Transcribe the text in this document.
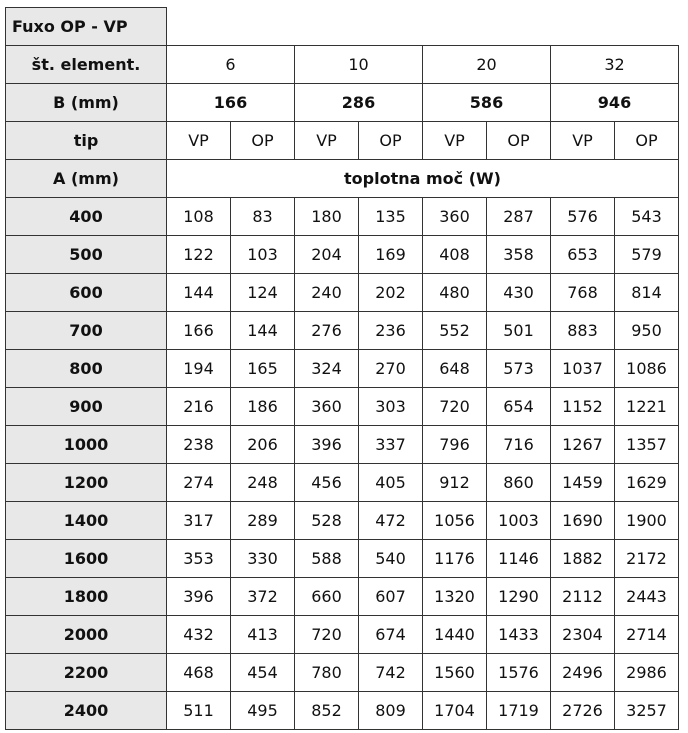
Fuxo OP - VP								
št. element.	6		10		20		32	
B (mm)	166		286		586		946	
tip	VP	OP	VP	OP	VP	OP	VP	OP
A (mm)	toplotna moč (W)							
400	108	83	180	135	360	287	576	543
500	122	103	204	169	408	358	653	579
600	144	124	240	202	480	430	768	814
700	166	144	276	236	552	501	883	950
800	194	165	324	270	648	573	1037	1086
900	216	186	360	303	720	654	1152	1221
1000	238	206	396	337	796	716	1267	1357
1200	274	248	456	405	912	860	1459	1629
1400	317	289	528	472	1056	1003	1690	1900
1600	353	330	588	540	1176	1146	1882	2172
1800	396	372	660	607	1320	1290	2112	2443
2000	432	413	720	674	1440	1433	2304	2714
2200	468	454	780	742	1560	1576	2496	2986
2400	511	495	852	809	1704	1719	2726	3257
